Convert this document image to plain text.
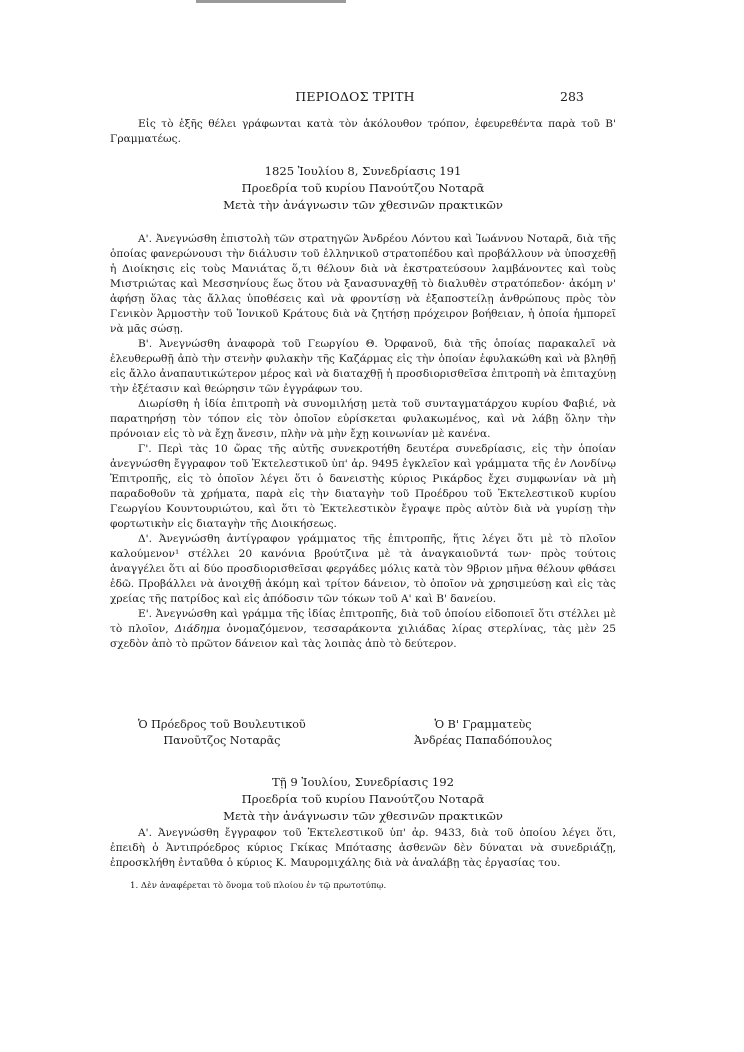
ΠΕΡΙΟΔΟΣ ΤΡΙΤΗ	283

Εἰς τὸ ἑξῆς θέλει γράφωνται κατὰ τὸν ἀκόλουθον τρόπον, ἐφευρεθέντα παρὰ τοῦ Β' Γραμματέως.

1825 Ἰουλίου 8, Συνεδρίασις 191
Προεδρία τοῦ κυρίου Πανούτζου Νοταρᾶ
Μετὰ τὴν ἀνάγνωσιν τῶν χθεσινῶν πρακτικῶν

Α'. Ἀνεγνώσθη ἐπιστολὴ τῶν στρατηγῶν Ἀνδρέου Λόντου καὶ Ἰωάννου Νοταρᾶ, διὰ τῆς ὁποίας φανερώνουσι τὴν διάλυσιν τοῦ ἑλληνικοῦ στρατοπέδου καὶ προβάλλουν νὰ ὑποσχεθῇ ἡ Διοίκησις εἰς τοὺς Μανιάτας ὅ,τι θέλουν διὰ νὰ ἐκστρατεύσουν λαμβάνοντες καὶ τοὺς Μιστριώτας καὶ Μεσσηνίους ἕως ὅτου νὰ ξανασυναχθῇ τὸ διαλυθὲν στρατόπεδον· ἀκόμη ν' ἀφήσῃ ὅλας τὰς ἄλλας ὑποθέσεις καὶ νὰ φροντίσῃ νὰ ἐξαποστείλῃ ἀνθρώπους πρὸς τὸν Γενικὸν Ἁρμοστὴν τοῦ Ἰονικοῦ Κράτους διὰ νὰ ζητήσῃ πρόχειρον βοήθειαν, ἡ ὁποία ἠμπορεῖ νὰ μᾶς σώσῃ.

Β'. Ἀνεγνώσθη ἀναφορὰ τοῦ Γεωργίου Θ. Ὀρφανοῦ, διὰ τῆς ὁποίας παρακαλεῖ νὰ ἐλευθερωθῇ ἀπὸ τὴν στενὴν φυλακὴν τῆς Καζάρμας εἰς τὴν ὁποίαν ἐφυλακώθη καὶ νὰ βληθῇ εἰς ἄλλο ἀναπαυτικώτερον μέρος καὶ νὰ διαταχθῇ ἡ προσδιορισθεῖσα ἐπιτροπὴ νὰ ἐπιταχύνῃ τὴν ἐξέτασιν καὶ θεώρησιν τῶν ἐγγράφων του.

Διωρίσθη ἡ ἰδία ἐπιτροπὴ νὰ συνομιλήσῃ μετὰ τοῦ συνταγματάρχου κυρίου Φαβιέ, νὰ παρατηρήσῃ τὸν τόπον εἰς τὸν ὁποῖον εὑρίσκεται φυλακωμένος, καὶ νὰ λάβῃ ὅλην τὴν πρόνοιαν εἰς τὸ νὰ ἔχῃ ἄνεσιν, πλὴν νὰ μὴν ἔχῃ κοινωνίαν μὲ κανένα.

Γ'. Περὶ τὰς 10 ὥρας τῆς αὐτῆς συνεκροτήθη δευτέρα συνεδρίασις, εἰς τὴν ὁποίαν ἀνεγνώσθη ἔγγραφον τοῦ Ἐκτελεστικοῦ ὑπ' ἀρ. 9495 ἐγκλεῖον καὶ γράμματα τῆς ἐν Λονδίνῳ Ἐπιτροπῆς, εἰς τὸ ὁποῖον λέγει ὅτι ὁ δανειστὴς κύριος Ρικάρδος ἔχει συμφωνίαν νὰ μὴ παραδοθοῦν τὰ χρήματα, παρὰ εἰς τὴν διαταγὴν τοῦ Προέδρου τοῦ Ἐκτελεστικοῦ κυρίου Γεωργίου Κουντουριώτου, καὶ ὅτι τὸ Ἐκτελεστικὸν ἔγραψε πρὸς αὐτὸν διὰ νὰ γυρίσῃ τὴν φορτωτικὴν εἰς διαταγὴν τῆς Διοικήσεως.

Δ'. Ἀνεγνώσθη ἀντίγραφον γράμματος τῆς ἐπιτροπῆς, ἥτις λέγει ὅτι μὲ τὸ πλοῖον καλούμενον¹ στέλλει 20 κανόνια βρούτζινα μὲ τὰ ἀναγκαιοῦντά των· πρὸς τούτοις ἀναγγέλει ὅτι αἱ δύο προσδιορισθεῖσαι φεργάδες μόλις κατὰ τὸν 9βριον μῆνα θέλουν φθάσει ἐδῶ. Προβάλλει νὰ ἀνοιχθῇ ἀκόμη καὶ τρίτον δάνειον, τὸ ὁποῖον νὰ χρησιμεύσῃ καὶ εἰς τὰς χρείας τῆς πατρίδος καὶ εἰς ἀπόδοσιν τῶν τόκων τοῦ Α' καὶ Β' δανείου.

Ε'. Ἀνεγνώσθη καὶ γράμμα τῆς ἰδίας ἐπιτροπῆς, διὰ τοῦ ὁποίου εἰδοποιεῖ ὅτι στέλλει μὲ τὸ πλοῖον, Διάδημα ὀνομαζόμενον, τεσσαράκοντα χιλιάδας λίρας στερλίνας, τὰς μὲν 25 σχεδὸν ἀπὸ τὸ πρῶτον δάνειον καὶ τὰς λοιπὰς ἀπὸ τὸ δεύτερον.

Ὁ Πρόεδρος τοῦ Βουλευτικοῦ
Πανοῦτζος Νοταρᾶς
Ὁ Β' Γραμματεὺς
Ἀνδρέας Παπαδόπουλος
Τῇ 9 Ἰουλίου, Συνεδρίασις 192
Προεδρία τοῦ κυρίου Πανούτζου Νοταρᾶ
Μετὰ τὴν ἀνάγνωσιν τῶν χθεσινῶν πρακτικῶν

Α'. Ἀνεγνώσθη ἔγγραφον τοῦ Ἐκτελεστικοῦ ὑπ' ἀρ. 9433, διὰ τοῦ ὁποίου λέγει ὅτι, ἐπειδὴ ὁ Ἀντιπρόεδρος κύριος Γκίκας Μπότασης ἀσθενῶν δὲν δύναται νὰ συνεδριάζῃ, ἐπροσκλήθη ἐνταῦθα ὁ κύριος Κ. Μαυρομιχάλης διὰ νὰ ἀναλάβῃ τὰς ἐργασίας του.

1. Δὲν ἀναφέρεται τὸ ὄνομα τοῦ πλοίου ἐν τῷ πρωτοτύπῳ.
